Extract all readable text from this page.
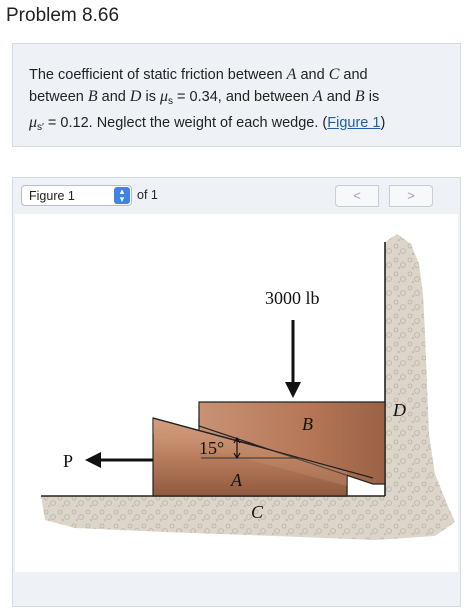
Problem 8.66
The coefficient of static friction between A and C and
between B and D is $\mu_s = 0.34$, and between A and B is
$\mu_{s'} = 0.12$. Neglect the weight of each wedge. (Figure 1)
Figure 1	▴
▾	of 1	<	>
3000 lb
P
15°
A
B
C
D
